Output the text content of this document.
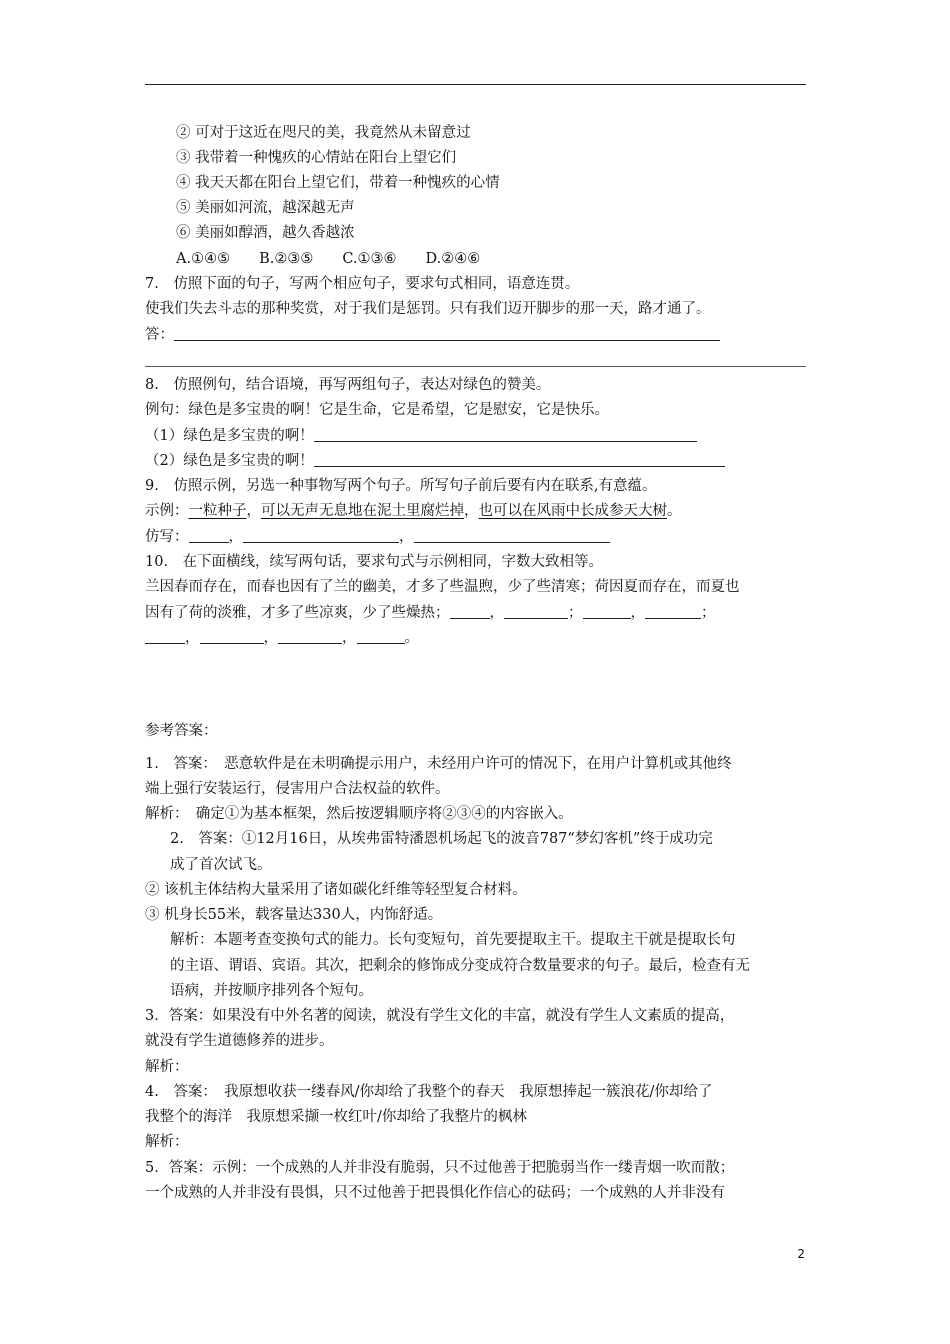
② 可对于这近在咫尺的美，我竟然从未留意过
③ 我带着一种愧疚的心情站在阳台上望它们
④ 我天天都在阳台上望它们，带着一种愧疚的心情
⑤ 美丽如河流，越深越无声
⑥ 美丽如醇酒，越久香越浓
A.①④⑤　　B.②③⑤　　C.①③⑥　　D.②④⑥
7.　仿照下面的句子，写两个相应句子，要求句式相同，语意连贯。
使我们失去斗志的那种奖赏，对于我们是惩罚。只有我们迈开脚步的那一天，路才通了。
答：
8.　仿照例句，结合语境，再写两组句子，表达对绿色的赞美。
例句：绿色是多宝贵的啊！它是生命，它是希望，它是慰安，它是快乐。
（1）绿色是多宝贵的啊！
（2）绿色是多宝贵的啊！
9.　仿照示例，另选一种事物写两个句子。所写句子前后要有内在联系,有意蕴。
示例：一粒种子，可以无声无息地在泥土里腐烂掉，也可以在风雨中长成参天大树。
仿写：	，	，
10.　在下面横线，续写两句话，要求句式与示例相同，字数大致相等。
兰因春而存在，而春也因有了兰的幽美，才多了些温煦，少了些清寒；荷因夏而存在，而夏也
因有了荷的淡雅，才多了些凉爽，少了些燥热；	，	；	，	；
，	，	，	。
参考答案：
1.　答案：　恶意软件是在未明确提示用户，未经用户许可的情况下，在用户计算机或其他终
端上强行安装运行，侵害用户合法权益的软件。
解析：　确定①为基本框架，然后按逻辑顺序将②③④的内容嵌入。
2.　答案：①12月16日，从埃弗雷特潘恩机场起飞的波音787“梦幻客机”终于成功完
成了首次试飞。
② 该机主体结构大量采用了诸如碳化纤维等轻型复合材料。
③ 机身长55米，载客量达330人，内饰舒适。
解析：本题考查变换句式的能力。长句变短句，首先要提取主干。提取主干就是提取长句
的主语、谓语、宾语。其次，把剩余的修饰成分变成符合数量要求的句子。最后，检查有无
语病，并按顺序排列各个短句。
3．答案：如果没有中外名著的阅读，就没有学生文化的丰富，就没有学生人文素质的提高，
就没有学生道德修养的进步。
解析：
4.　答案：　我原想收获一缕春风/你却给了我整个的春天　我原想捧起一簇浪花/你却给了
我整个的海洋　我原想采撷一枚红叶/你却给了我整片的枫林
解析：
5．答案：示例：一个成熟的人并非没有脆弱，只不过他善于把脆弱当作一缕青烟一吹而散；
一个成熟的人并非没有畏惧，只不过他善于把畏惧化作信心的砝码；一个成熟的人并非没有
2
